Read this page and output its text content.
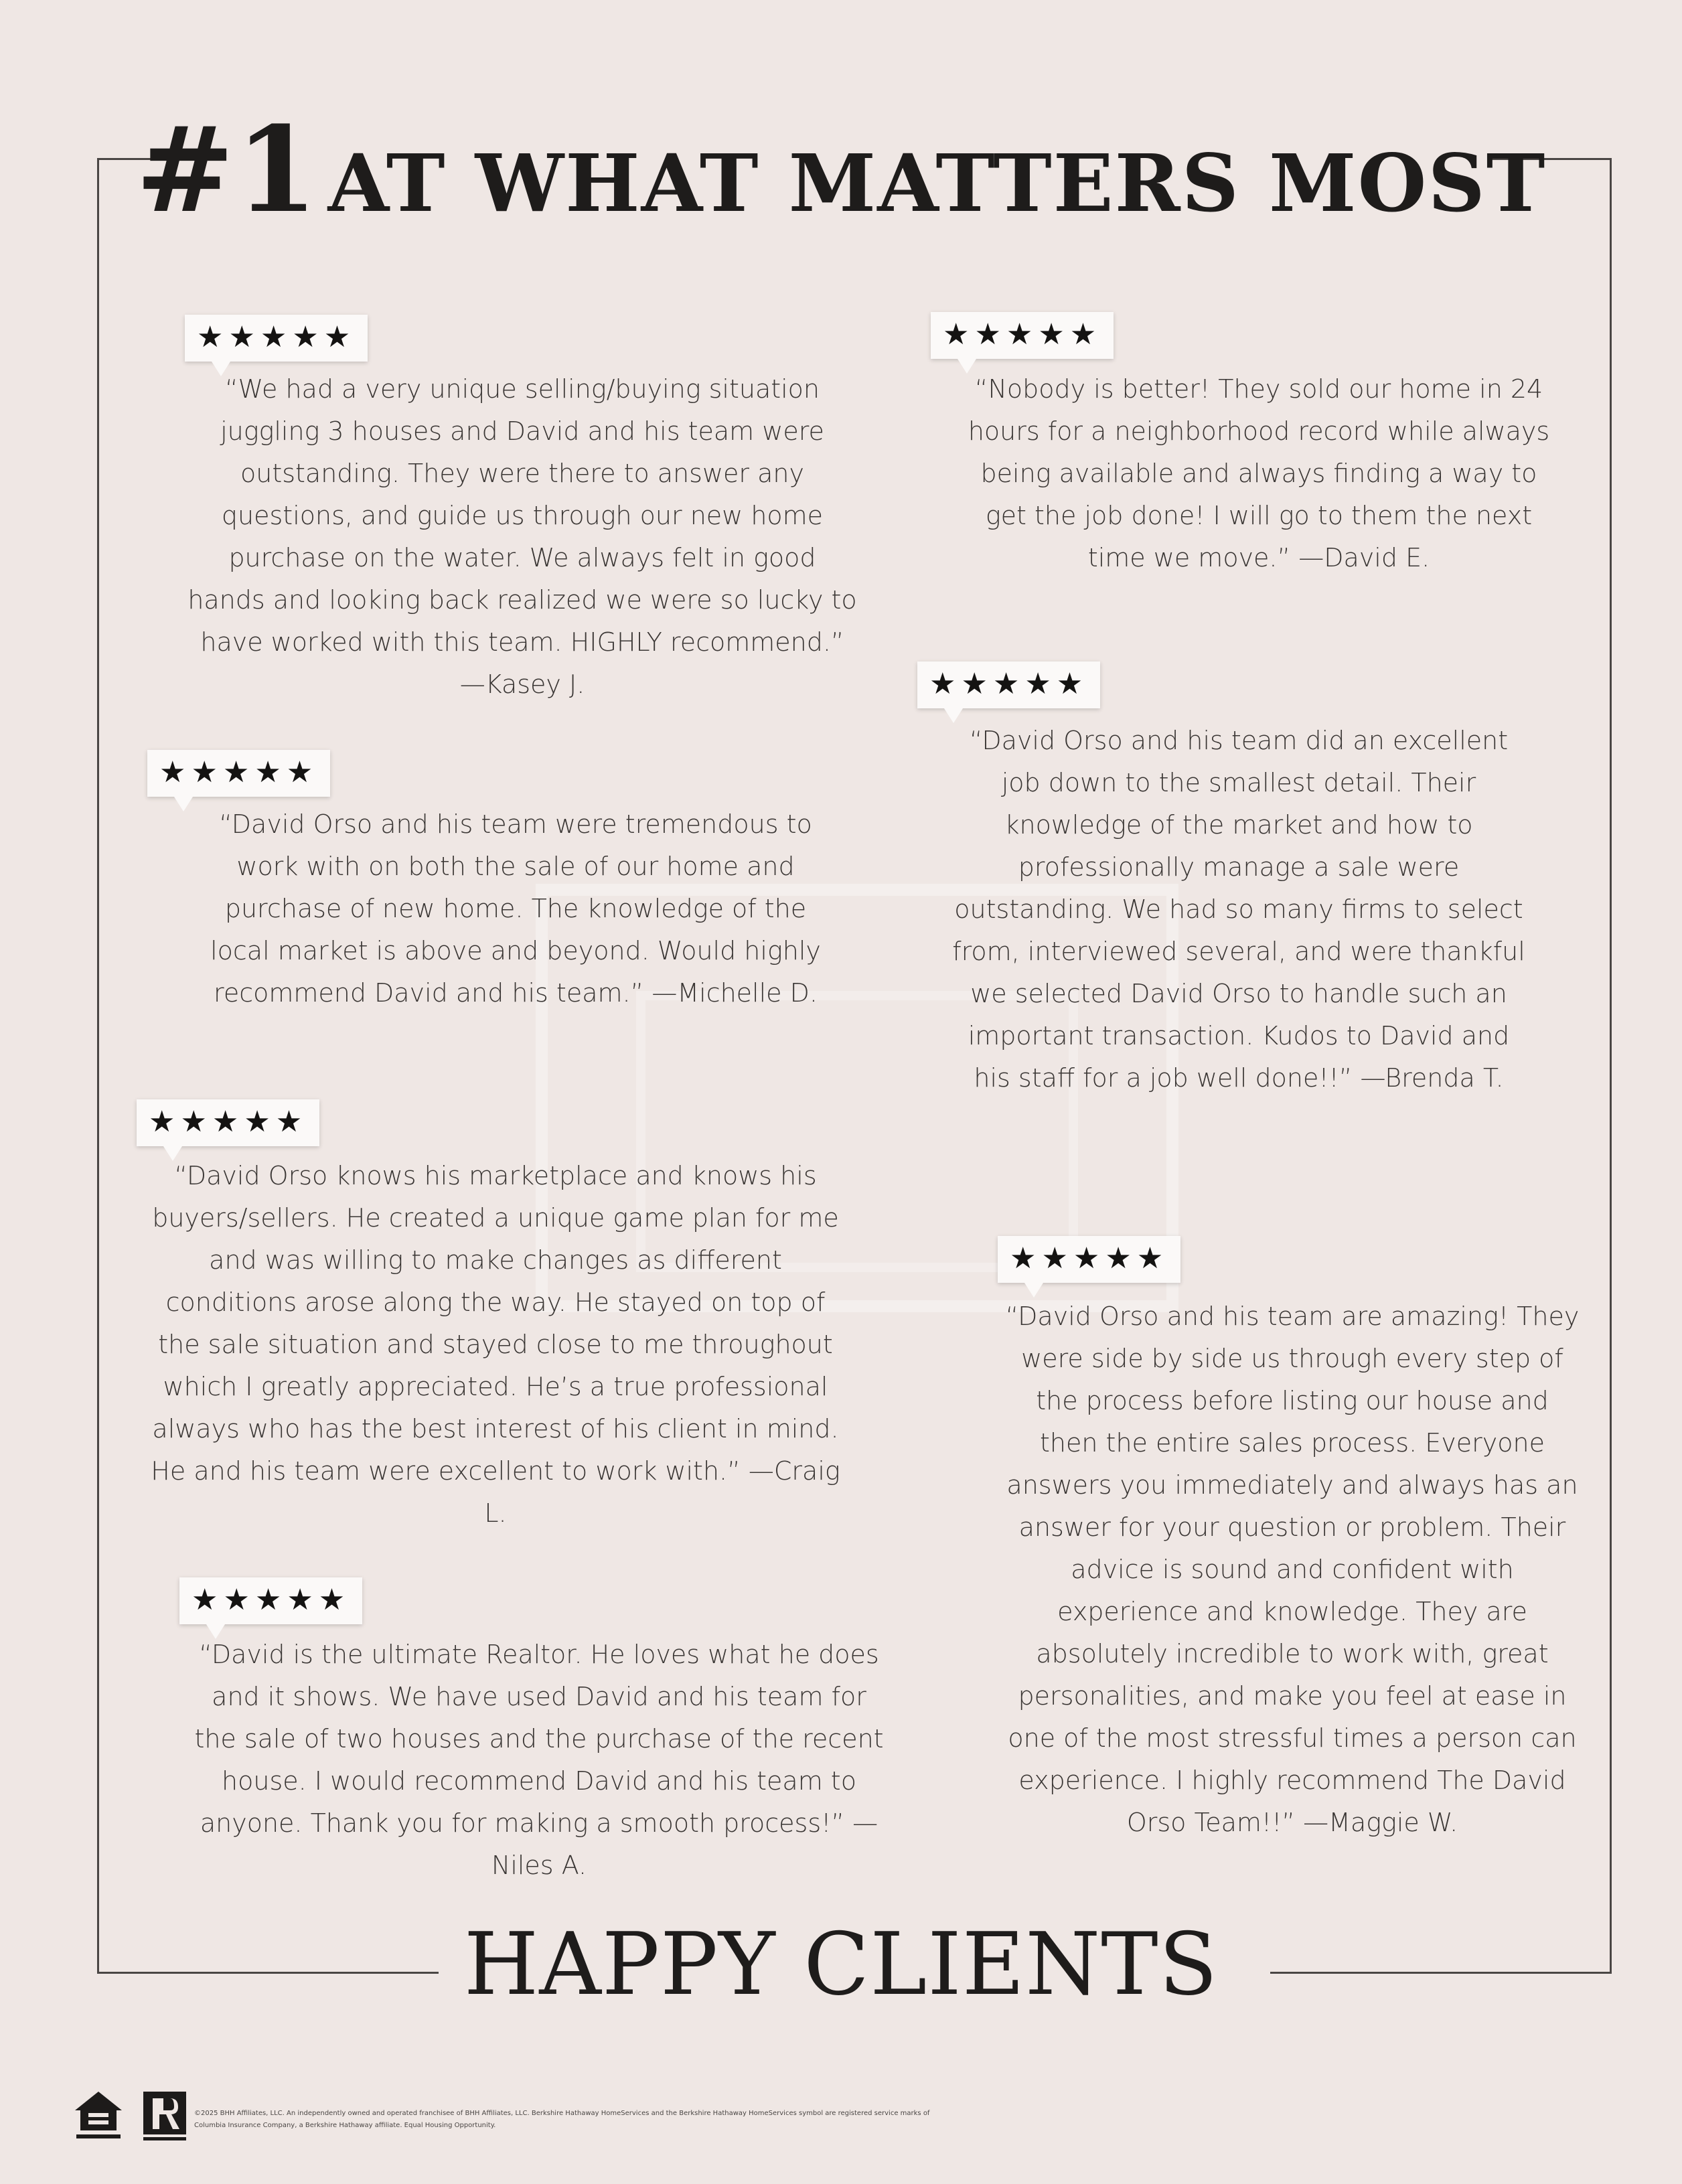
#1 AT WHAT MATTERS MOST
★★★★★
“We had a very unique selling/buying situation juggling 3 houses and David and his team were outstanding. They were there to answer any questions, and guide us through our new home purchase on the water. We always felt in good hands and looking back realized we were so lucky to have worked with this team. HIGHLY recommend.” —Kasey J.
★★★★★
“Nobody is better! They sold our home in 24 hours for a neighborhood record while always being available and always finding a way to get the job done! I will go to them the next time we move.” —David E.
★★★★★
“David Orso and his team were tremendous to work with on both the sale of our home and purchase of new home. The knowledge of the local market is above and beyond. Would highly recommend David and his team.” —Michelle D.
★★★★★
“David Orso and his team did an excellent job down to the smallest detail. Their knowledge of the market and how to professionally manage a sale were outstanding. We had so many firms to select from, interviewed several, and were thankful we selected David Orso to handle such an important transaction. Kudos to David and his staff for a job well done!!” —Brenda T.
★★★★★
“David Orso knows his marketplace and knows his buyers/sellers. He created a unique game plan for me and was willing to make changes as different conditions arose along the way. He stayed on top of the sale situation and stayed close to me throughout which I greatly appreciated. He’s a true professional always who has the best interest of his client in mind. He and his team were excellent to work with.” —Craig L.
★★★★★
“David Orso and his team are amazing! They were side by side us through every step of the process before listing our house and then the entire sales process. Everyone answers you immediately and always has an answer for your question or problem. Their advice is sound and confident with experience and knowledge. They are absolutely incredible to work with, great personalities, and make you feel at ease in one of the most stressful times a person can experience. I highly recommend The David Orso Team!!” —Maggie W.
★★★★★
“David is the ultimate Realtor. He loves what he does and it shows. We have used David and his team for the sale of two houses and the purchase of the recent house. I would recommend David and his team to anyone. Thank you for making a smooth process!” —Niles A.
HAPPY CLIENTS
©2025 BHH Affiliates, LLC. An independently owned and operated franchisee of BHH Affiliates, LLC. Berkshire Hathaway HomeServices and the Berkshire Hathaway HomeServices symbol are registered service marks of Columbia Insurance Company, a Berkshire Hathaway affiliate. Equal Housing Opportunity.
